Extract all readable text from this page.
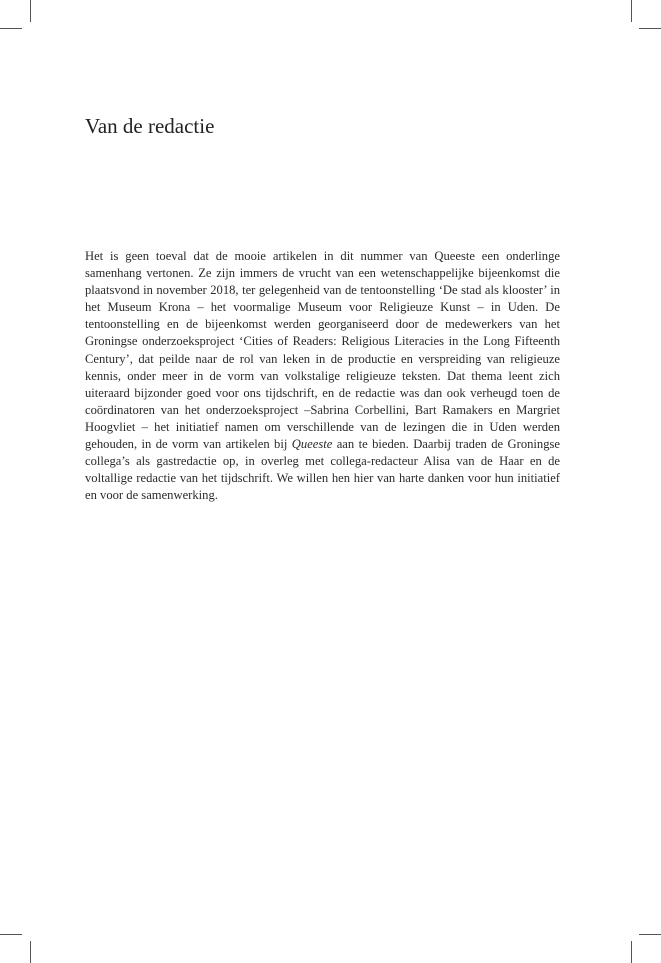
Van de redactie

Het is geen toeval dat de mooie artikelen in dit nummer van Queeste een onderlinge samenhang vertonen. Ze zijn immers de vrucht van een wetenschappelijke bijeenkomst die plaatsvond in november 2018, ter gelegenheid van de tentoonstelling ‘De stad als klooster’ in het Museum Krona – het voormalige Museum voor Religieuze Kunst – in Uden. De tentoonstelling en de bijeenkomst werden georganiseerd door de medewerkers van het Groningse onderzoeksproject ‘Cities of Readers: Religious Literacies in the Long Fifteenth Century’, dat peilde naar de rol van leken in de productie en verspreiding van religieuze kennis, onder meer in de vorm van volkstalige religieuze teksten. Dat thema leent zich uiteraard bijzonder goed voor ons tijdschrift, en de redactie was dan ook verheugd toen de coördinatoren van het onderzoeksproject –Sabrina Corbellini, Bart Ramakers en Margriet Hoogvliet – het initiatief namen om verschillende van de lezingen die in Uden werden gehouden, in de vorm van artikelen bij Queeste aan te bieden. Daarbij traden de Groningse collega’s als gastredactie op, in overleg met collega-redacteur Alisa van de Haar en de voltallige redactie van het tijdschrift. We willen hen hier van harte danken voor hun initiatief en voor de samenwerking.
